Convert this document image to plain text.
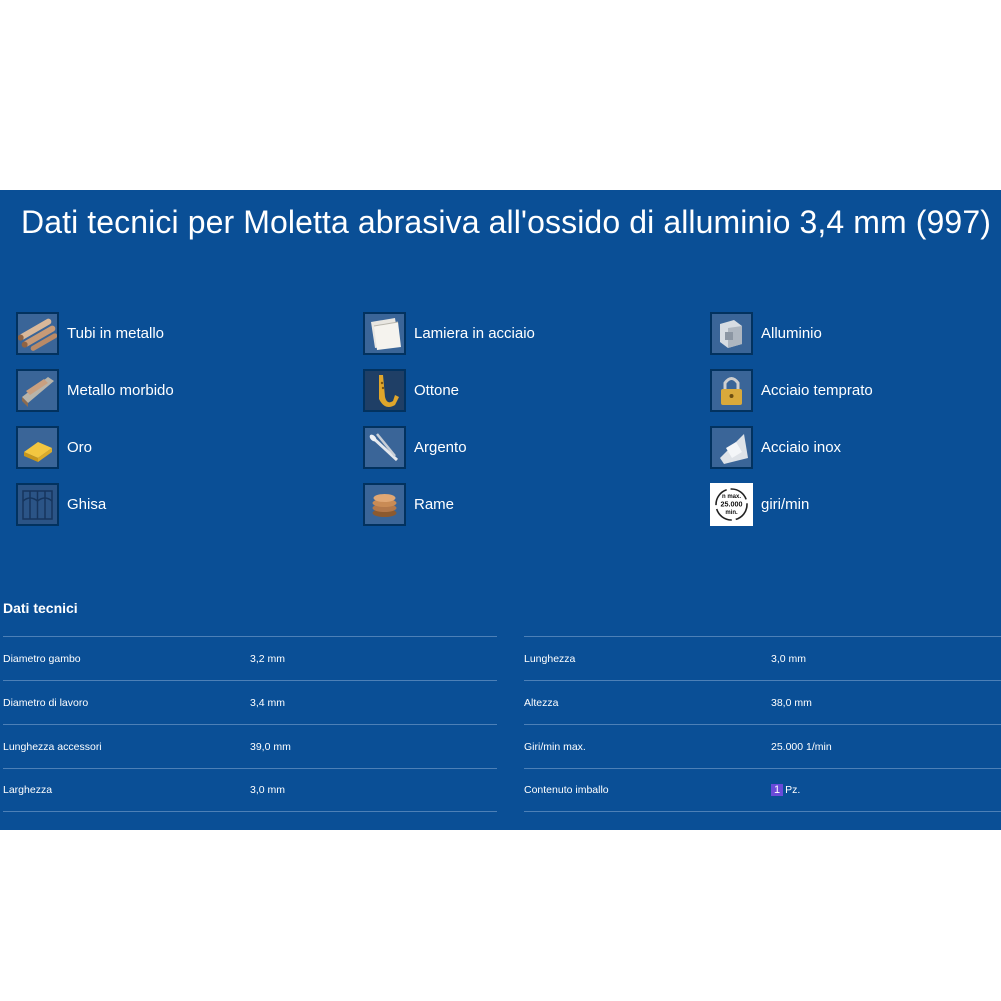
Dati tecnici per Moletta abrasiva all'ossido di alluminio 3,4 mm (997)
Tubi in metallo	Lamiera in acciaio	Alluminio
Metallo morbido	Ottone	Acciaio temprato
Oro	Argento	Acciaio inox
Ghisa	Rame	n max.
25.000
min. giri/min
Dati tecnici
Diametro gambo	3,2 mm
Diametro di lavoro	3,4 mm
Lunghezza accessori	39,0 mm
Larghezza	3,0 mm
Lunghezza	3,0 mm
Altezza	38,0 mm
Giri/min max.	25.000 1/min
Contenuto imballo	1 Pz.
